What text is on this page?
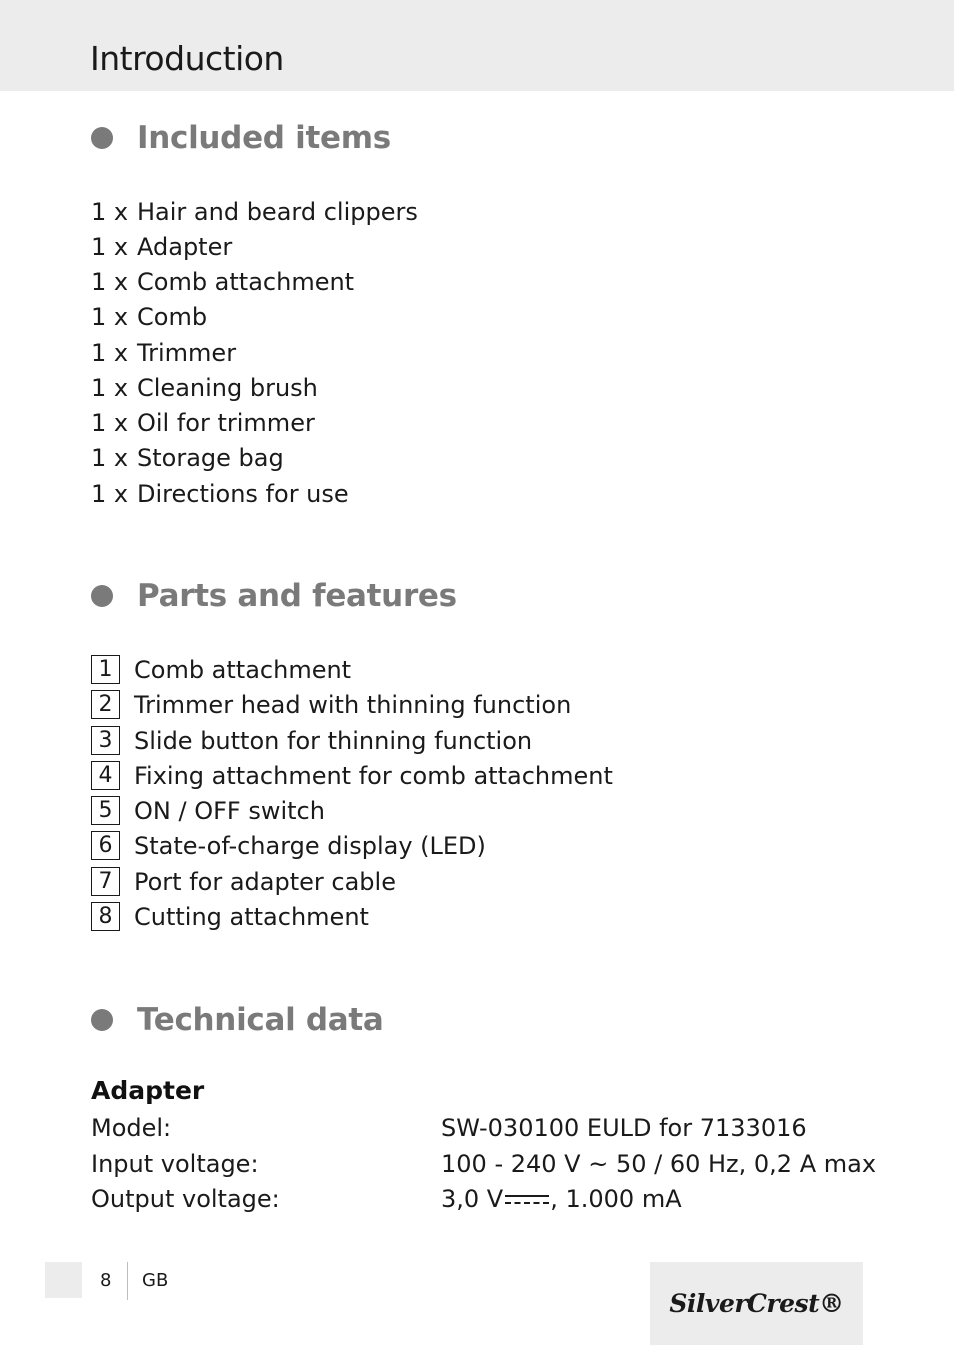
Introduction
Included items
1 x Hair and beard clippers
1 x Adapter
1 x Comb attachment
1 x Comb
1 x Trimmer
1 x Cleaning brush
1 x Oil for trimmer
1 x Storage bag
1 x Directions for use
Parts and features
1 Comb attachment
2 Trimmer head with thinning function
3 Slide button for thinning function
4 Fixing attachment for comb attachment
5 ON / OFF switch
6 State-of-charge display (LED)
7 Port for adapter cable
8 Cutting attachment
Technical data
Adapter
Model:	SW-030100 EULD for 7133016
Input voltage:	100 - 240 V ~ 50 / 60 Hz, 0,2 A max
Output voltage:	3,0 V , 1.000 mA
8 GB
SilverCrest®
